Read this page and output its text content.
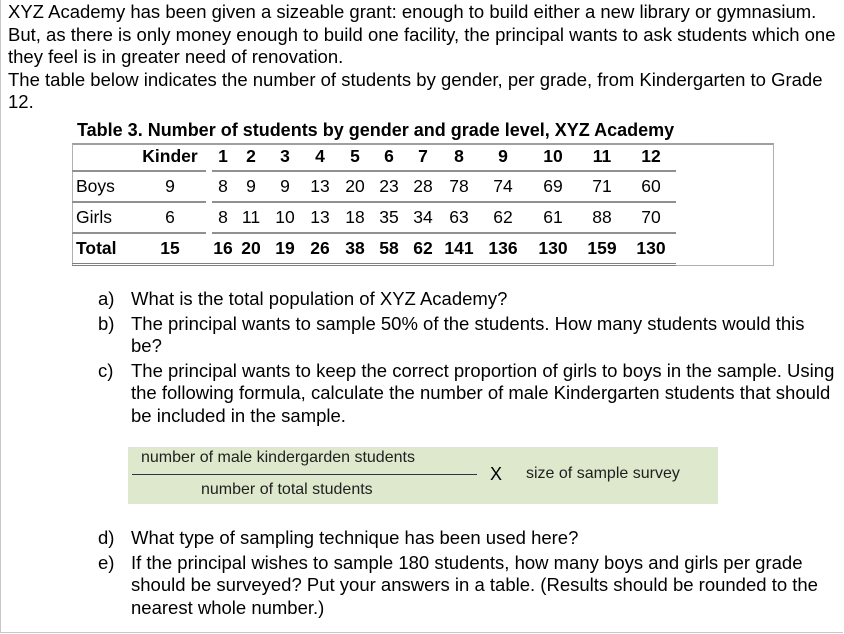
XYZ Academy has been given a sizeable grant: enough to build either a new library or gymnasium. But, as there is only money enough to build one facility, the principal wants to ask students which one they feel is in greater need of renovation.

The table below indicates the number of students by gender, per grade, from Kindergarten to Grade 12.

Table 3. Number of students by gender and grade level, XYZ Academy
	Kinder		1	2	3	4	5	6	7	8	9	10	11	12
Boys	9		8	9	9	13	20	23	28	78	74	69	71	60
Girls	6		8	11	10	13	18	35	34	63	62	61	88	70
Total	15		16	20	19	26	38	58	62	141	136	130	159	130
a) What is the total population of XYZ Academy?
b) The principal wants to sample 50% of the students. How many students would this be?
c) The principal wants to keep the correct proportion of girls to boys in the sample. Using the following formula, calculate the number of male Kindergarten students that should be included in the sample.
number of male kindergarden students
number of total students
X size of sample survey
d) What type of sampling technique has been used here?
e) If the principal wishes to sample 180 students, how many boys and girls per grade should be surveyed? Put your answers in a table. (Results should be rounded to the nearest whole number.)
